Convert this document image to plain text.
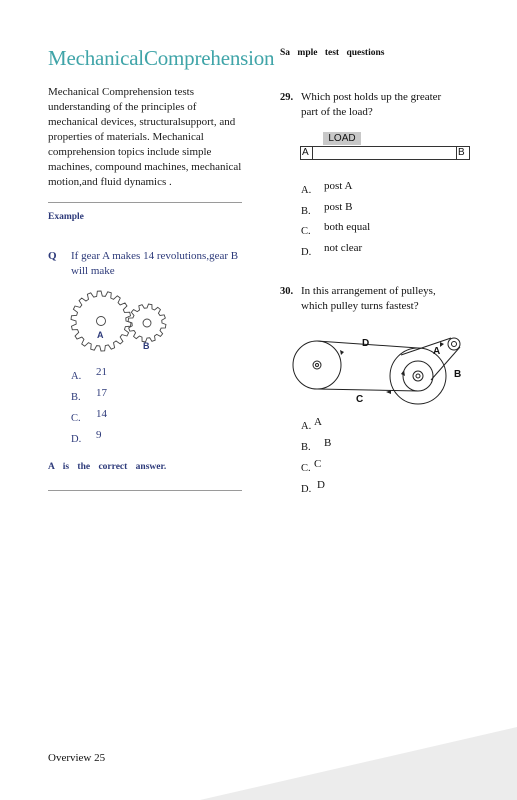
MechanicalComprehension
Mechanical Comprehension tests understanding of the principles of mechanical devices, structuralsupport, and properties of materials. Mechanical comprehension topics include simple machines, compound machines, mechanical motion,and fluid dynamics .
Example
Q If gear A makes 14 revolutions,gear B will make
A
B
A. 21
B. 17
C. 14
D. 9
A is the correct answer.
Sa mple test questions
29. Which post holds up the greater part of the load?
LOAD
A	B
A. post A
B. post B
C. both equal
D. not clear
30. In this arrangement of pulleys, which pulley turns fastest?
D
A
B
C
A. A
B. B
C. C
D. D
Overview 25
